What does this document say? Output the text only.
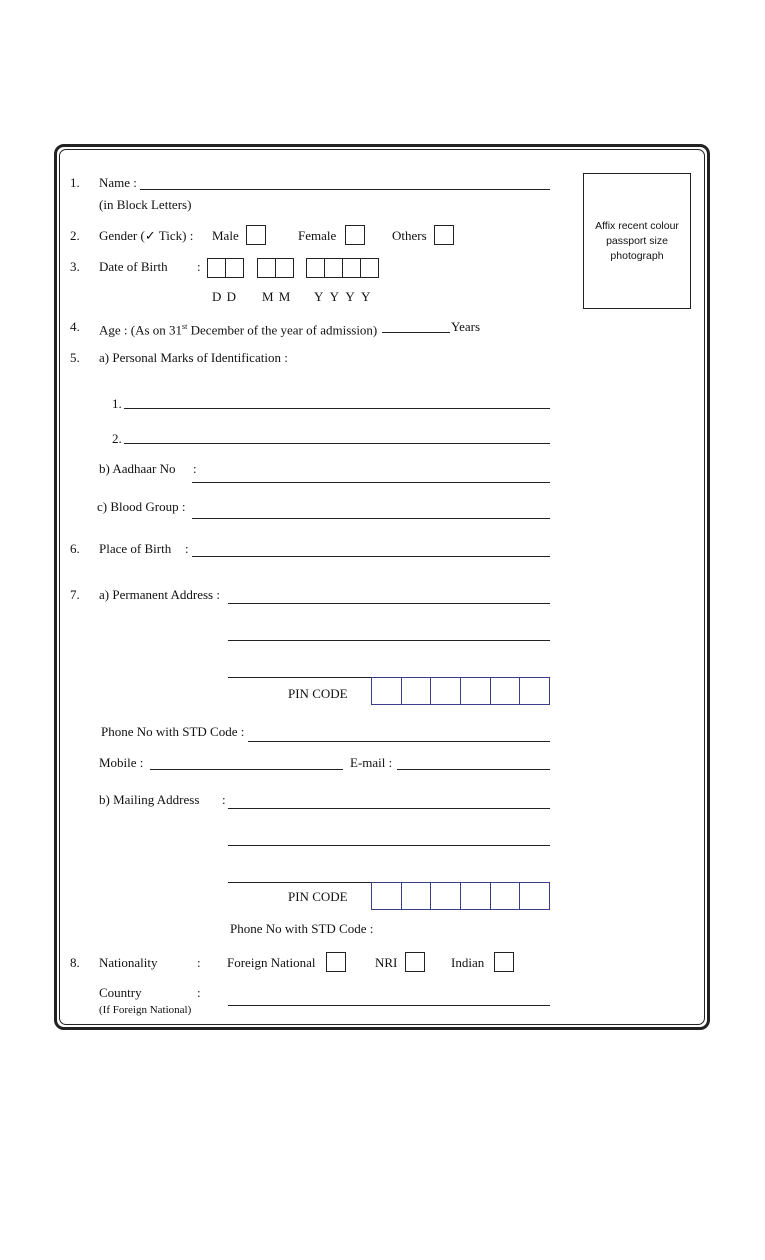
Affix recent colour passport size photograph
1. Name :
(in Block Letters)
2. Gender (✓ Tick) : Male	Female	Others
3. Date of Birth :
D D M M Y Y Y Y
4. Age : (As on 31st December of the year of admission)	Years
5. a) Personal Marks of Identification :
1.
2.
b) Aadhaar No :
c) Blood Group :
6. Place of Birth :
7. a) Permanent Address :
PIN CODE
Phone No with STD Code :
Mobile :	E-mail :
b) Mailing Address :
PIN CODE
Phone No with STD Code :
8. Nationality	: Foreign National	NRI	Indian
Country	:
(If Foreign National)
